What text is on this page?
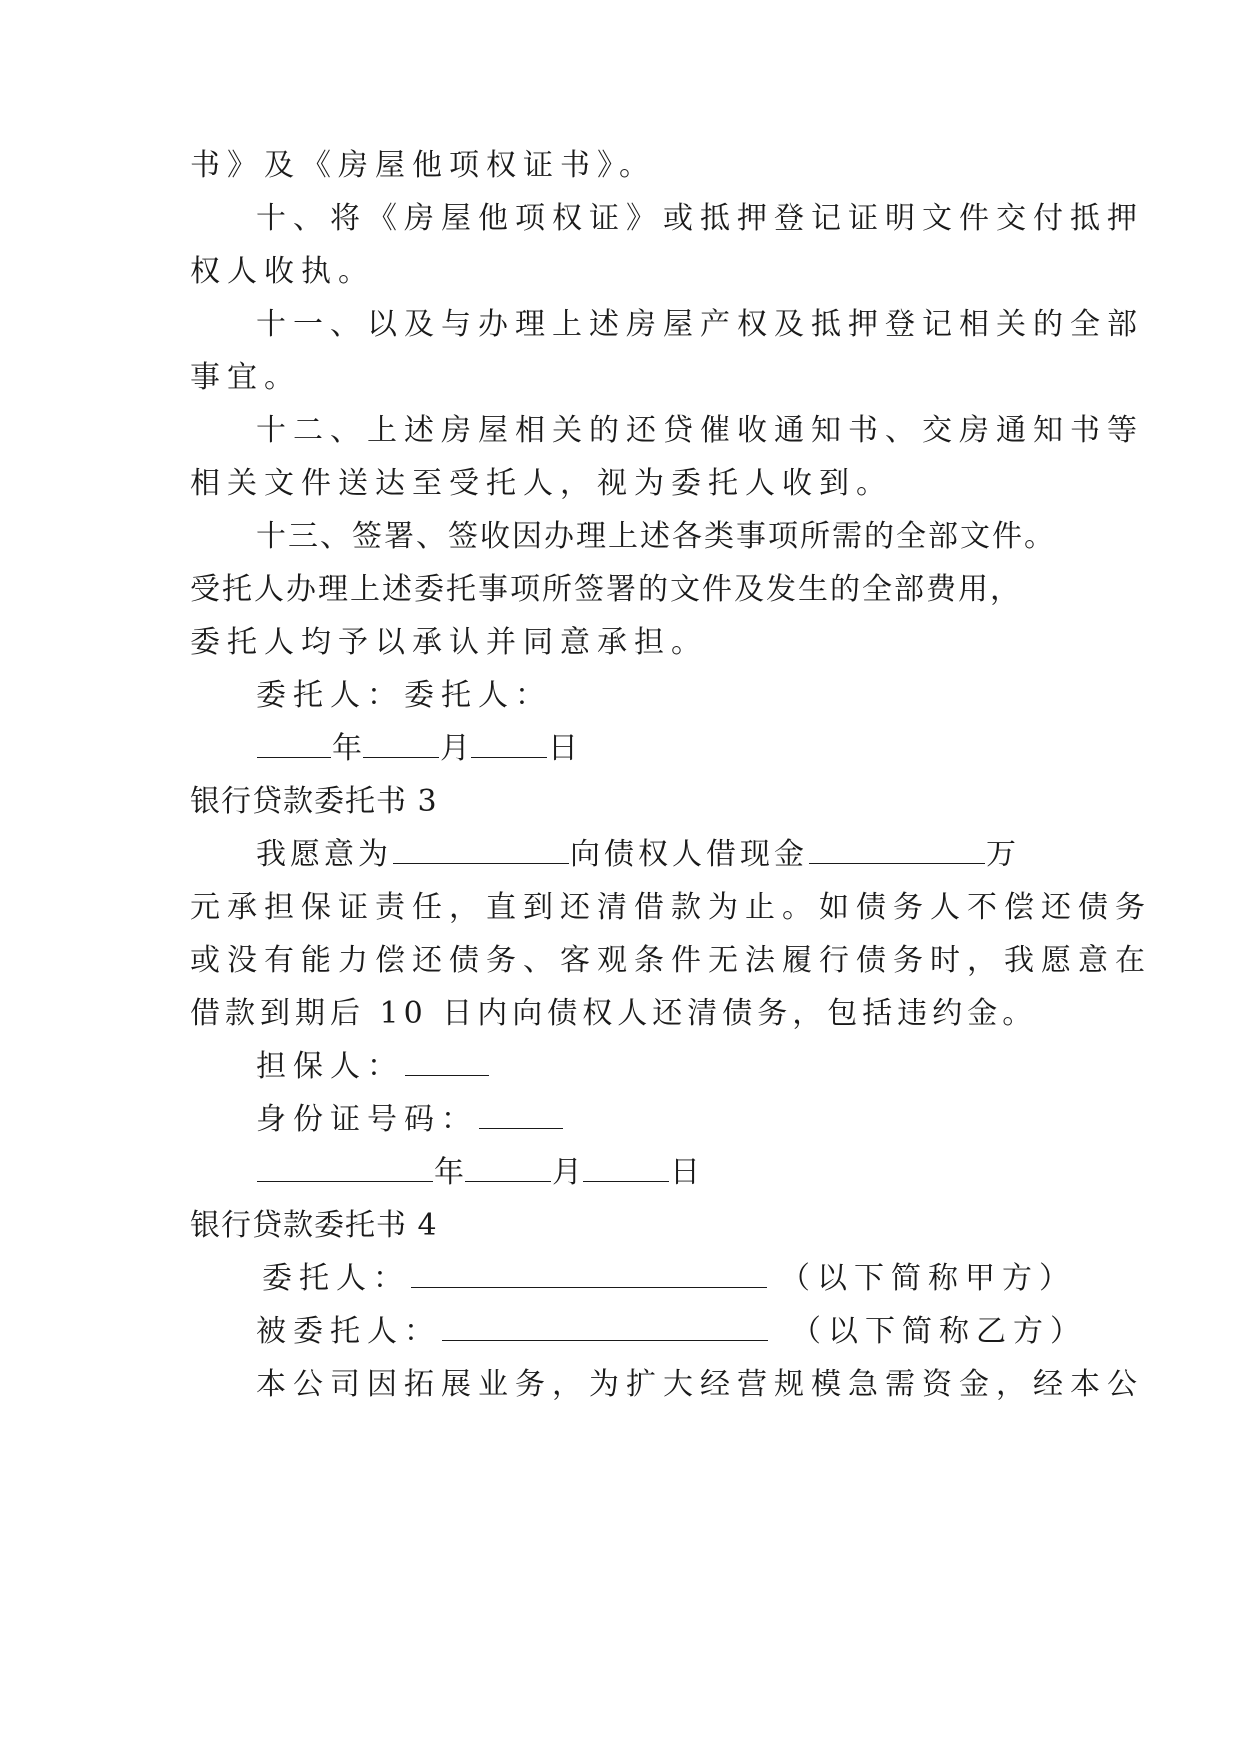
书》及《房屋他项权证书》。
十、将《房屋他项权证》或抵押登记证明文件交付抵押
权人收执。
十一、以及与办理上述房屋产权及抵押登记相关的全部
事宜。
十二、上述房屋相关的还贷催收通知书、交房通知书等
相关文件送达至受托人，视为委托人收到。
十三、签署、签收因办理上述各类事项所需的全部文件。
受托人办理上述委托事项所签署的文件及发生的全部费用，
委托人均予以承认并同意承担。
委托人：委托人：
年	月	日
银行贷款委托书 3
我愿意为	向债权人借现金	万
元承担保证责任，直到还清借款为止。如债务人不偿还债务
或没有能力偿还债务、客观条件无法履行债务时，我愿意在
借款到期后 10 日内向债权人还清债务，包括违约金。
担保人：
身份证号码：
年	月	日
银行贷款委托书 4
委托人：	（以下简称甲方）
被委托人：	（以下简称乙方）
本公司因拓展业务，为扩大经营规模急需资金，经本公
